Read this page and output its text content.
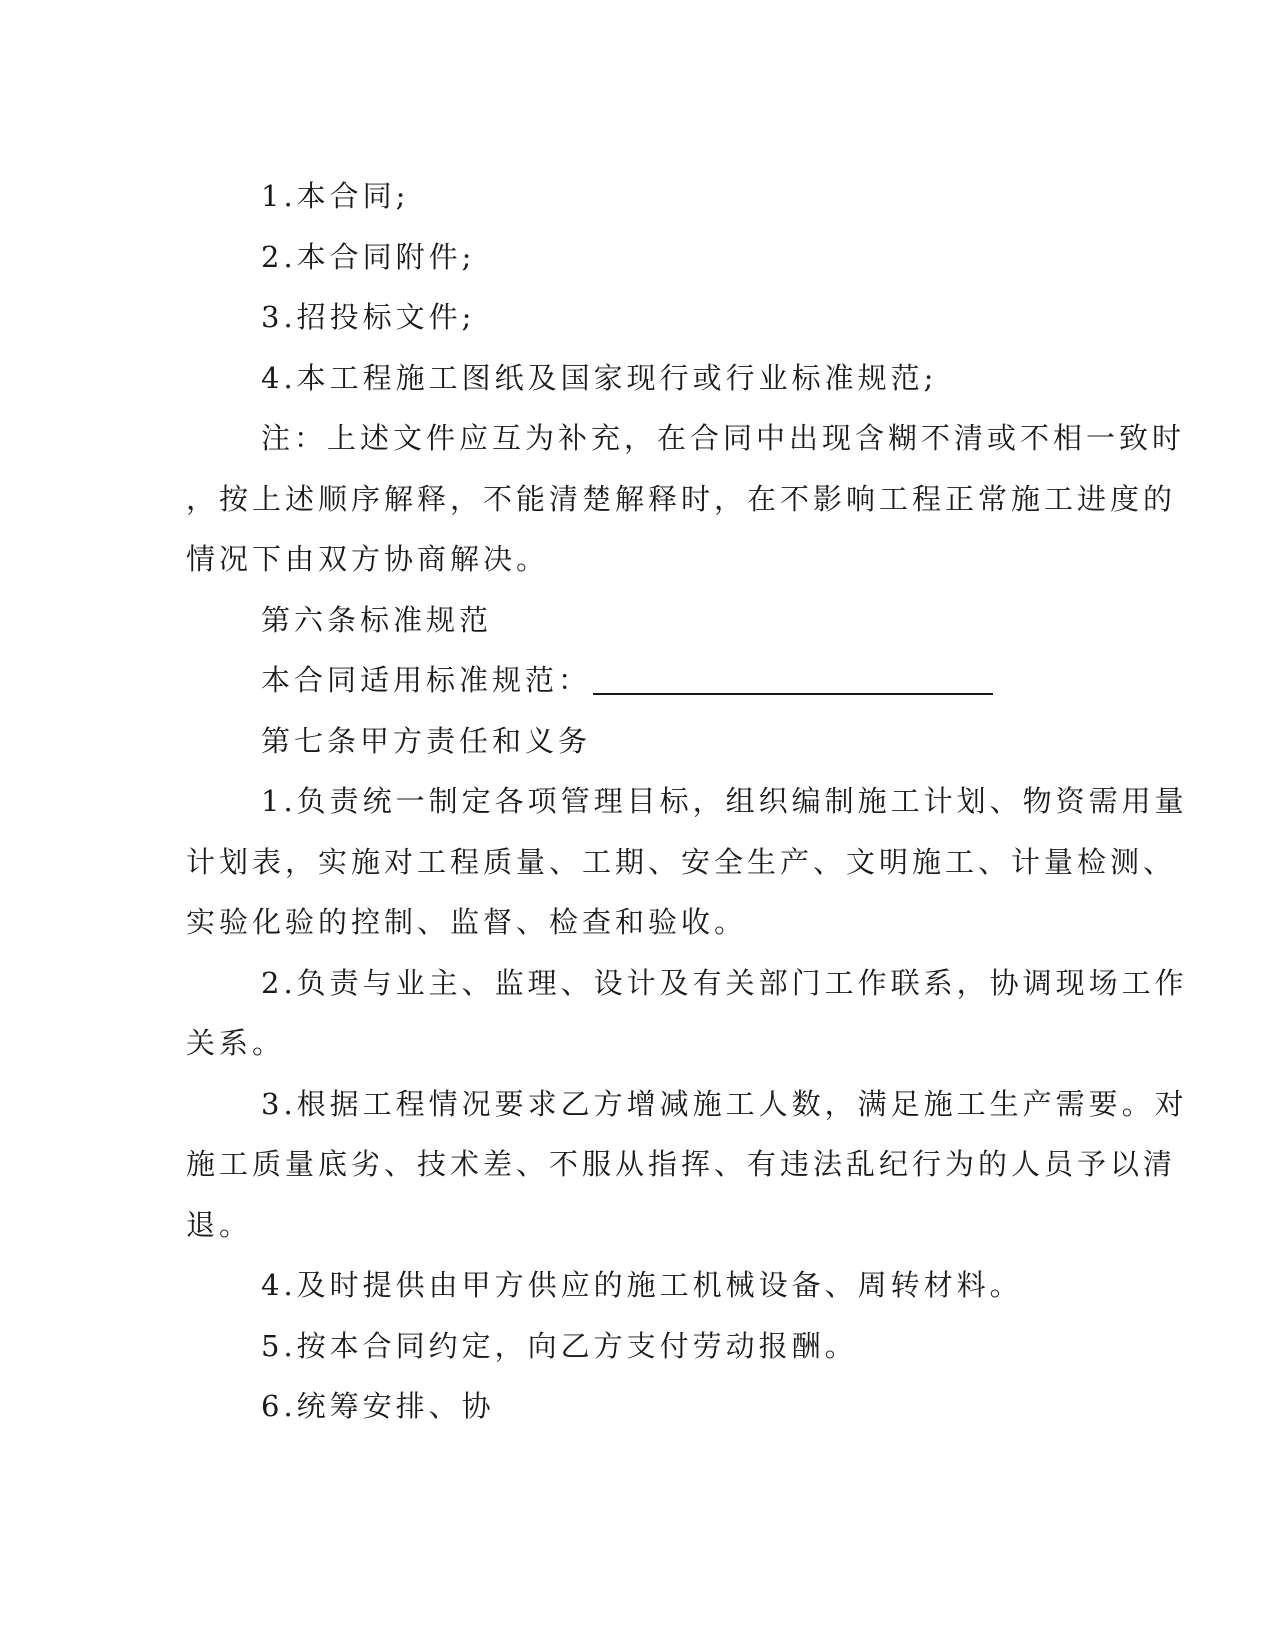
1.本合同;
2.本合同附件;
3.招投标文件;
4.本工程施工图纸及国家现行或行业标准规范;
注：上述文件应互为补充，在合同中出现含糊不清或不相一致时
，按上述顺序解释，不能清楚解释时，在不影响工程正常施工进度的
情况下由双方协商解决。
第六条标准规范
本合同适用标准规范：
第七条甲方责任和义务
1.负责统一制定各项管理目标，组织编制施工计划、物资需用量
计划表，实施对工程质量、工期、安全生产、文明施工、计量检测、
实验化验的控制、监督、检查和验收。
2.负责与业主、监理、设计及有关部门工作联系，协调现场工作
关系。
3.根据工程情况要求乙方增减施工人数，满足施工生产需要。对
施工质量底劣、技术差、不服从指挥、有违法乱纪行为的人员予以清
退。
4.及时提供由甲方供应的施工机械设备、周转材料。
5.按本合同约定，向乙方支付劳动报酬。
6.统筹安排、协
